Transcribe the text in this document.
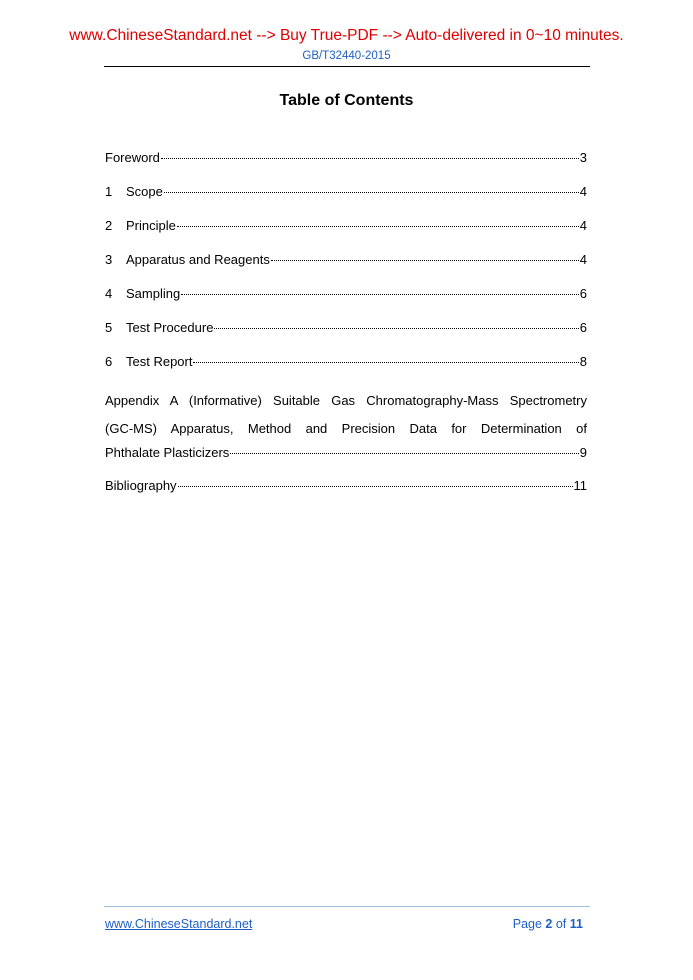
www.ChineseStandard.net --> Buy True-PDF --> Auto-delivered in 0~10 minutes.
GB/T32440-2015
Table of Contents
Foreword	3
1	Scope	4
2	Principle	4
3	Apparatus and Reagents	4
4	Sampling	6
5	Test Procedure	6
6	Test Report	8
Appendix A (Informative) Suitable Gas Chromatography-Mass Spectrometry
(GC-MS) Apparatus, Method and Precision Data for Determination of
Phthalate Plasticizers	9
Bibliography	11
www.ChineseStandard.net	Page 2 of 11
